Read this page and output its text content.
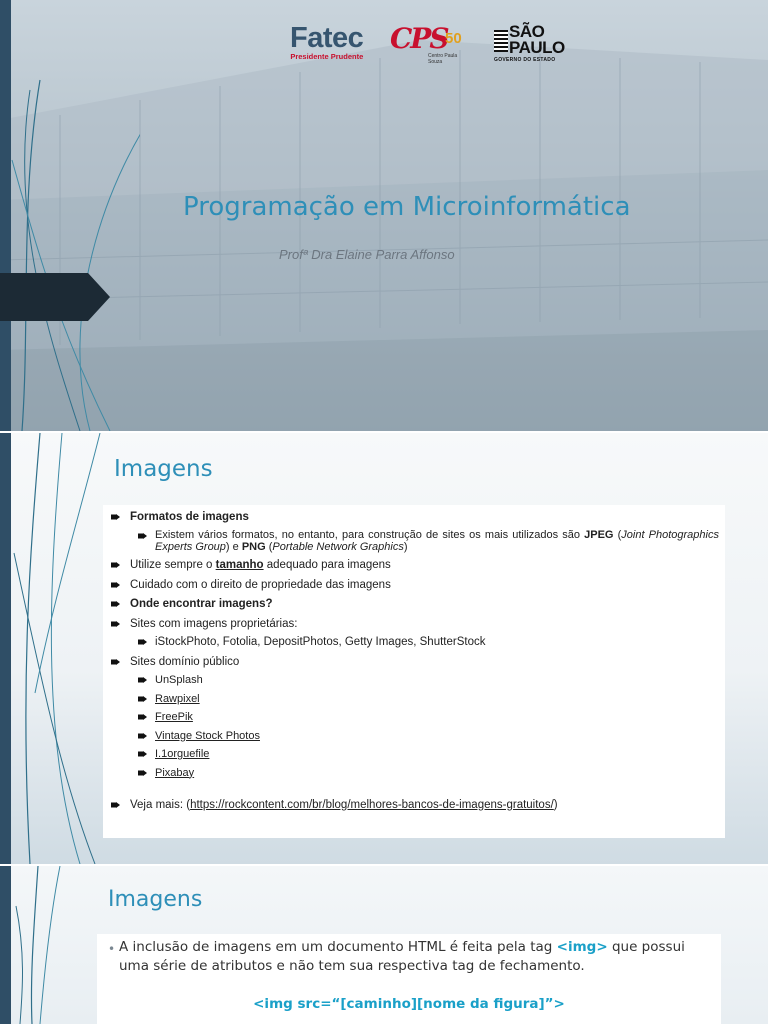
Fatec
Presidente Prudente
CPS
50
Centro Paula Souza
SÃO
PAULO
GOVERNO DO ESTADO
Programação em Microinformática
Profª Dra Elaine Parra Affonso
Imagens
Formatos de imagens
Existem vários formatos, no entanto, para construção de sites os mais utilizados são JPEG (Joint Photographics Experts Group) e PNG (Portable Network Graphics)
Utilize sempre o tamanho adequado para imagens
Cuidado com o direito de propriedade das imagens
Onde encontrar imagens?
Sites com imagens proprietárias:
iStockPhoto, Fotolia, DepositPhotos, Getty Images, ShutterStock
Sites domínio público
UnSplash
Rawpixel
FreePik
Vintage Stock Photos
I.1orguefile
Pixabay
Veja mais: (https://rockcontent.com/br/blog/melhores-bancos-de-imagens-gratuitos/)
Imagens
• A inclusão de imagens em um documento HTML é feita pela tag <img> que possui uma série de atributos e não tem sua respectiva tag de fechamento.
<img src=“[caminho][nome da figura]”>
